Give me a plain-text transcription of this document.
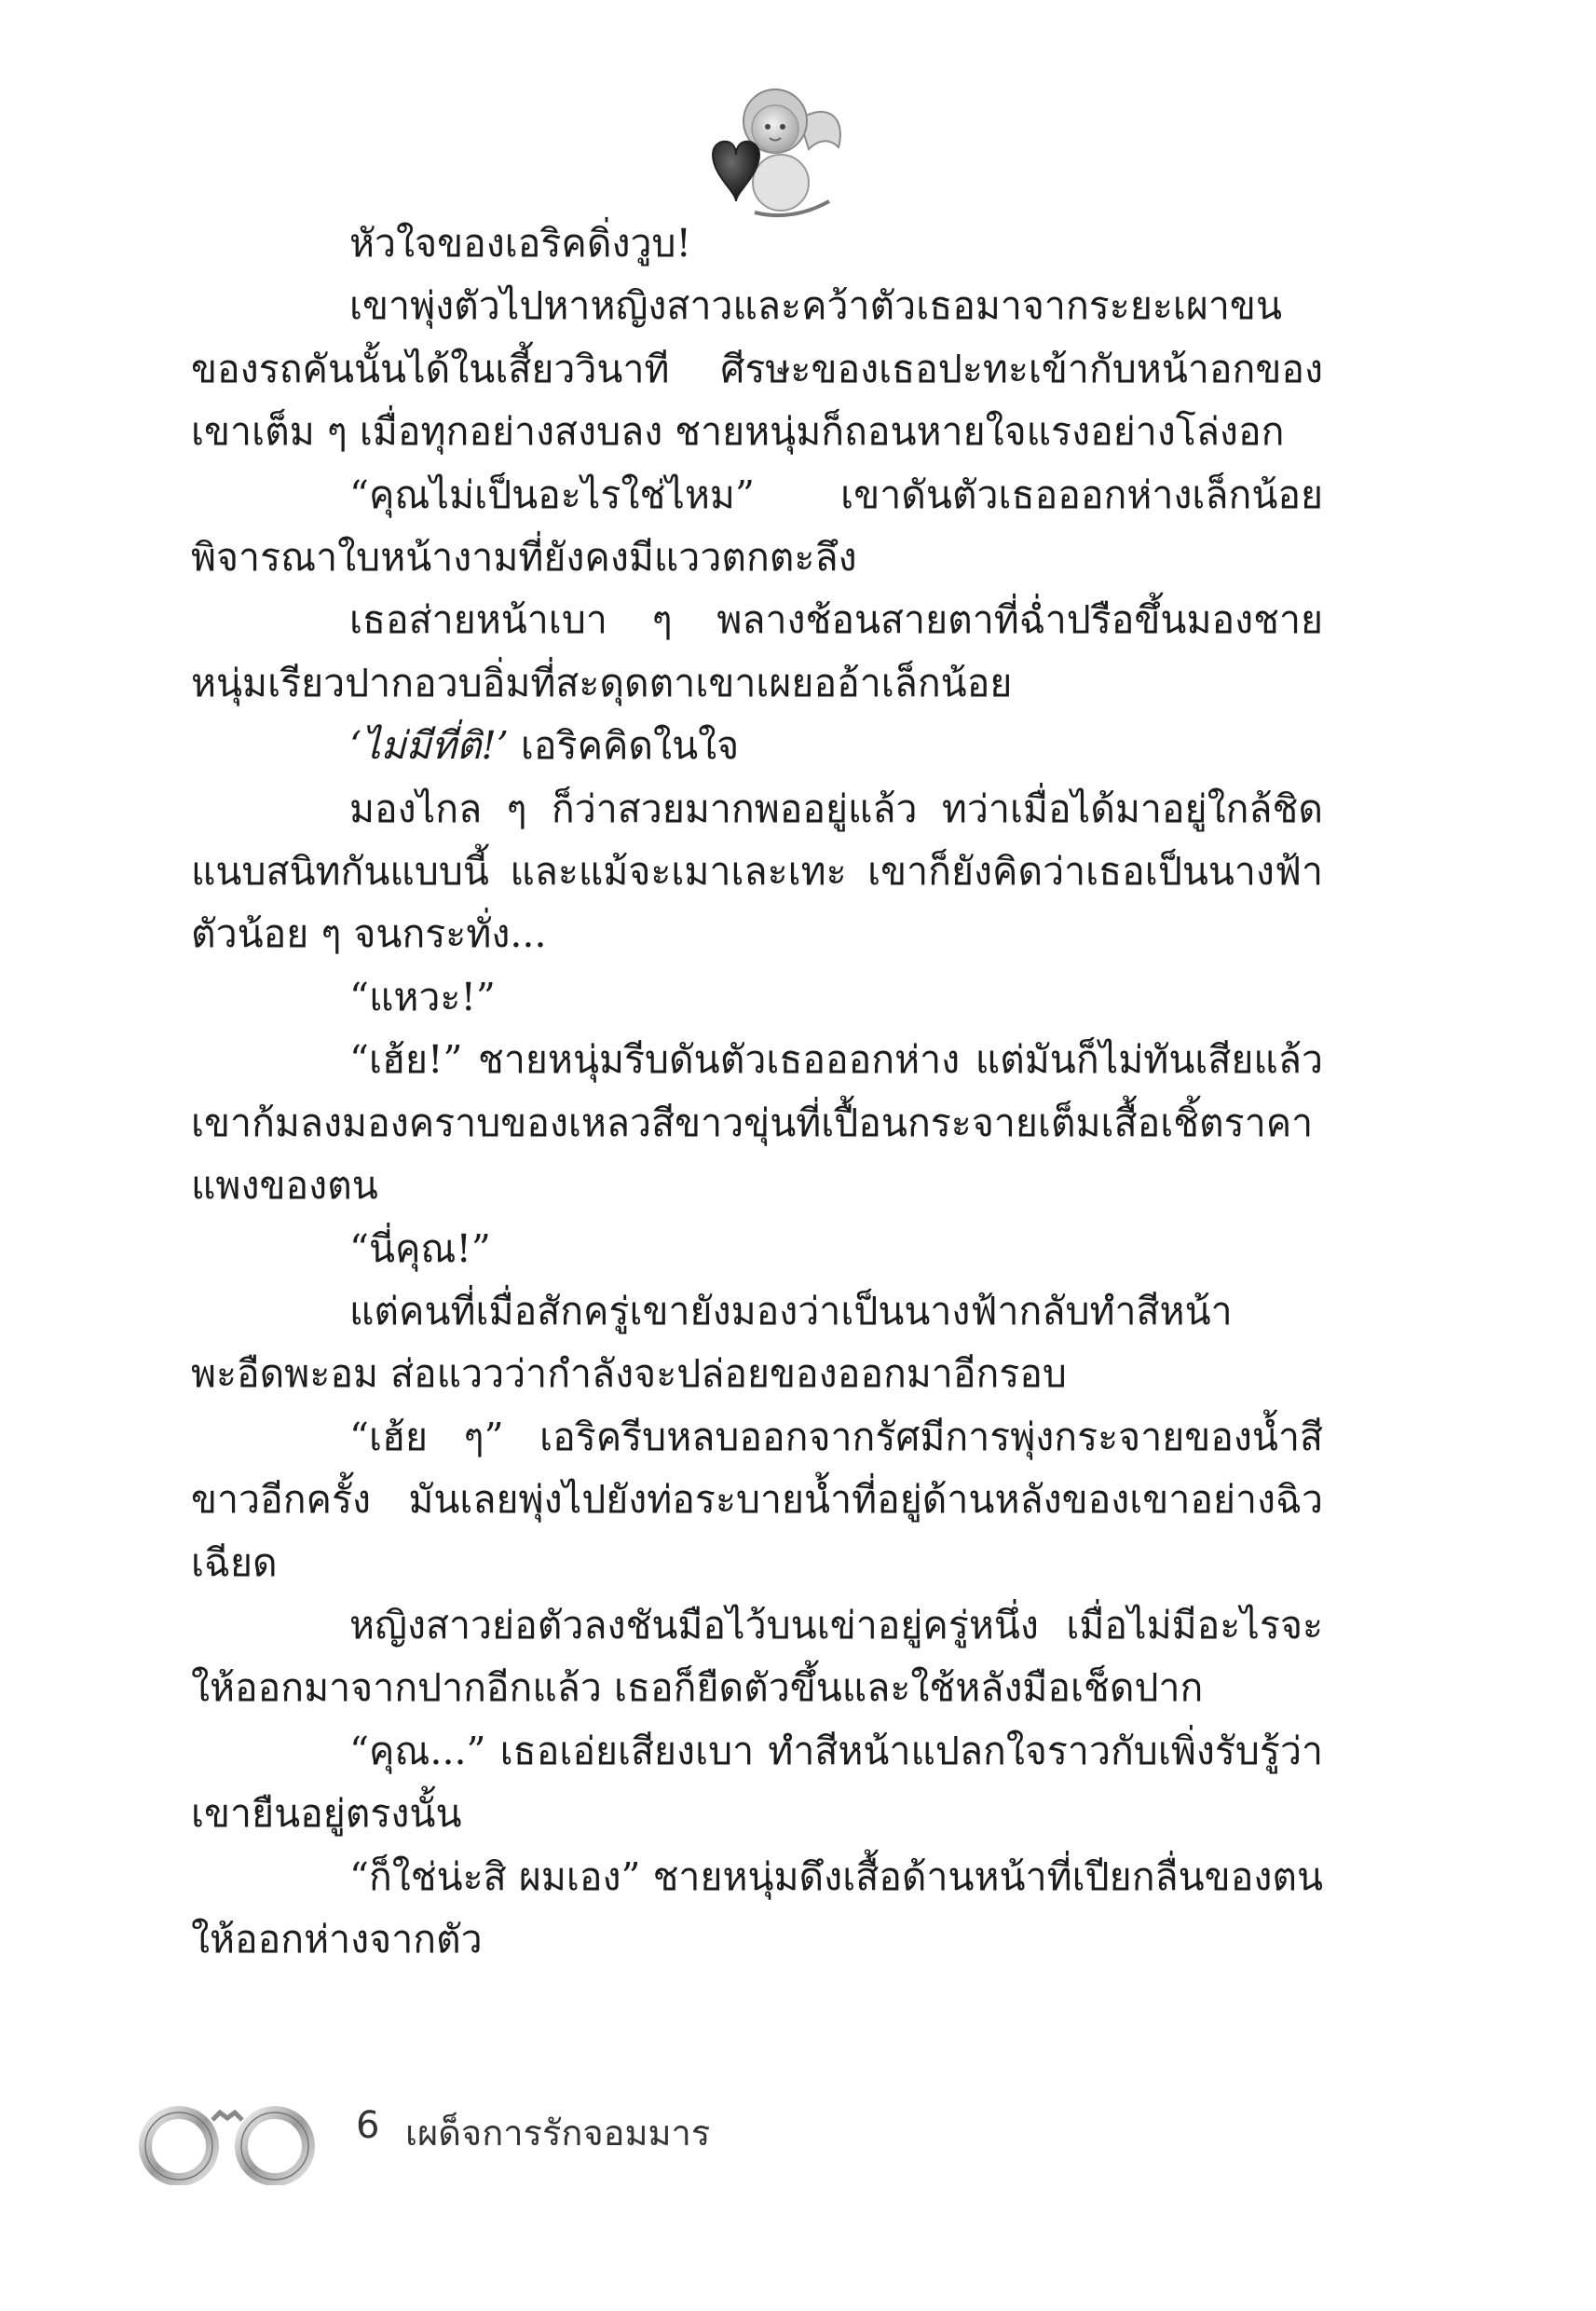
หัวใจของเอริคดิ่งวูบ!

เขาพุ่งตัวไปหาหญิงสาวและคว้าตัวเธอมาจากระยะเผาขนของรถคันนั้นได้ในเสี้ยววินาที ศีรษะของเธอปะทะเข้ากับหน้าอกของเขาเต็ม ๆ เมื่อทุกอย่างสงบลง ชายหนุ่มก็ถอนหายใจแรงอย่างโล่งอก

“คุณไม่เป็นอะไรใช่ไหม” เขาดันตัวเธอออกห่างเล็กน้อยพิจารณาใบหน้างามที่ยังคงมีแววตกตะลึง

เธอส่ายหน้าเบา ๆ พลางช้อนสายตาที่ฉ่ำปรือขึ้นมองชายหนุ่มเรียวปากอวบอิ่มที่สะดุดตาเขาเผยออ้าเล็กน้อย

‘ไม่มีที่ติ!’ เอริคคิดในใจ

มองไกล ๆ ก็ว่าสวยมากพออยู่แล้ว ทว่าเมื่อได้มาอยู่ใกล้ชิดแนบสนิทกันแบบนี้ และแม้จะเมาเละเทะ เขาก็ยังคิดว่าเธอเป็นนางฟ้าตัวน้อย ๆ จนกระทั่ง...

“แหวะ!”

“เฮ้ย!” ชายหนุ่มรีบดันตัวเธอออกห่าง แต่มันก็ไม่ทันเสียแล้ว เขาก้มลงมองคราบของเหลวสีขาวขุ่นที่เปื้อนกระจายเต็มเสื้อเชิ้ตราคาแพงของตน

“นี่คุณ!”

แต่คนที่เมื่อสักครู่เขายังมองว่าเป็นนางฟ้ากลับทำสีหน้าพะอืดพะอม ส่อแววว่ากำลังจะปล่อยของออกมาอีกรอบ

“เฮ้ย ๆ” เอริครีบหลบออกจากรัศมีการพุ่งกระจายของน้ำสีขาวอีกครั้ง มันเลยพุ่งไปยังท่อระบายน้ำที่อยู่ด้านหลังของเขาอย่างฉิวเฉียด

หญิงสาวย่อตัวลงชันมือไว้บนเข่าอยู่ครู่หนึ่ง เมื่อไม่มีอะไรจะให้ออกมาจากปากอีกแล้ว เธอก็ยืดตัวขึ้นและใช้หลังมือเช็ดปาก

“คุณ...” เธอเอ่ยเสียงเบา ทำสีหน้าแปลกใจราวกับเพิ่งรับรู้ว่าเขายืนอยู่ตรงนั้น

“ก็ใช่น่ะสิ ผมเอง” ชายหนุ่มดึงเสื้อด้านหน้าที่เปียกลื่นของตนให้ออกห่างจากตัว

6 เผด็จการรักจอมมาร
